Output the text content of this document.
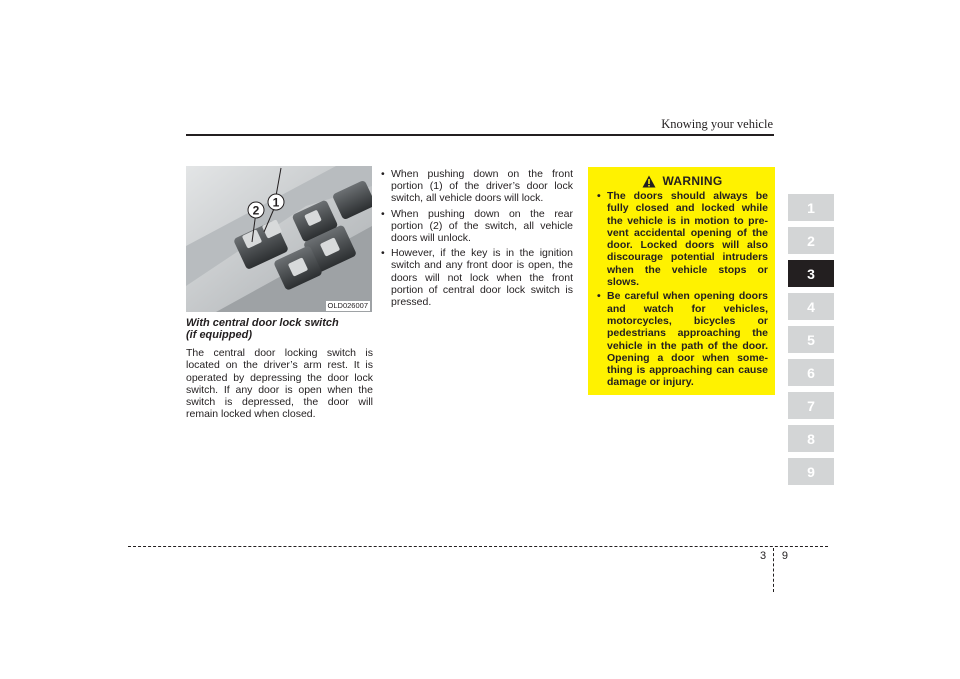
Knowing your vehicle
1
2
OLD026007
With central door lock switch
(if equipped)

The central door locking switch is located on the driver’s arm rest. It is operated by depressing the door lock switch. If any door is open when the switch is depressed, the door will remain locked when closed.

• When pushing down on the front portion (1) of the driver’s door lock switch, all vehicle doors will lock.
• When pushing down on the rear portion (2) of the switch, all vehicle doors will unlock.
• However, if the key is in the ignition switch and any front door is open, the doors will not lock when the front portion of central door lock switch is pressed.
WARNING
• The doors should always be fully closed and locked while the vehicle is in motion to pre-vent accidental opening of the door. Locked doors will also discourage potential intruders when the vehicle stops or slows.
• Be careful when opening doors and watch for vehicles, motorcycles, bicycles or pedestrians approaching the vehicle in the path of the door. Opening a door when some-thing is approaching can cause damage or injury.
1
2
3
4
5
6
7
8
9
3 9
